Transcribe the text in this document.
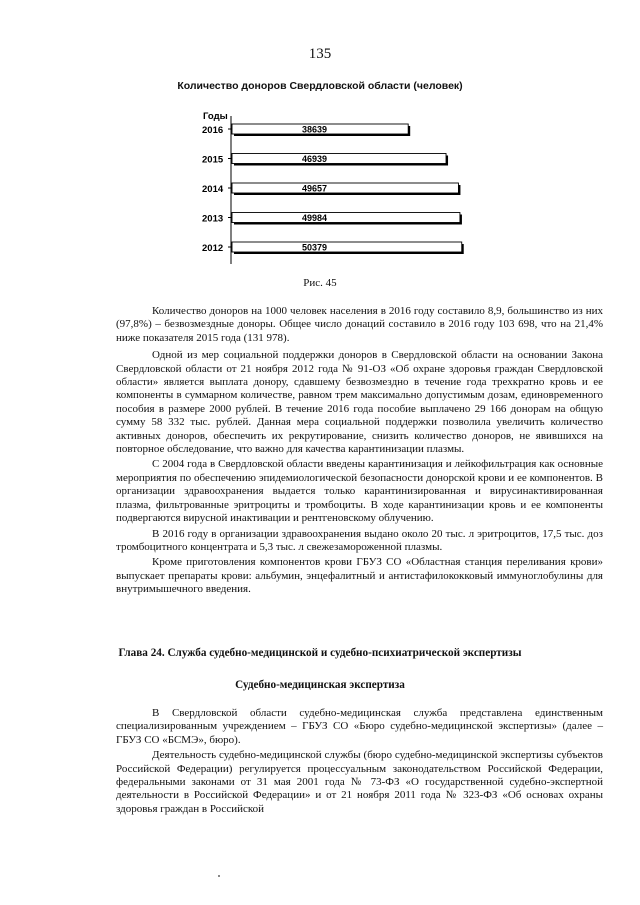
135
Количество доноров Свердловской области (человек)
Годы
2016	38639
2015	46939
2014	49657
2013	49984
2012	50379
Рис. 45

Количество доноров на 1000 человек населения в 2016 году составило 8,9, большинство из них (97,8%) – безвозмездные доноры. Общее число донаций составило в 2016 году 103 698, что на 21,4% ниже показателя 2015 года (131 978).

Одной из мер социальной поддержки доноров в Свердловской области на основании Закона Свердловской области от 21 ноября 2012 года № 91-ОЗ «Об охране здоровья граждан Свердловской области» является выплата донору, сдавшему безвозмездно в течение года трехкратно кровь и ее компоненты в суммарном количестве, равном трем максимально допустимым дозам, единовременного пособия в размере 2000 рублей. В течение 2016 года пособие выплачено 29 166 донорам на общую сумму 58 332 тыс. рублей. Данная мера социальной поддержки позволила увеличить количество активных доноров, обеспечить их рекрутирование, снизить количество доноров, не явившихся на повторное обследование, что важно для качества карантинизации плазмы.

С 2004 года в Свердловской области введены карантинизация и лейкофильтрация как основные мероприятия по обеспечению эпидемиологической безопасности донорской крови и ее компонентов. В организации здравоохранения выдается только карантинизированная и вирусинактивированная плазма, фильтрованные эритроциты и тромбоциты. В ходе карантинизации кровь и ее компоненты подвергаются вирусной инактивации и рентгеновскому облучению.

В 2016 году в организации здравоохранения выдано около 20 тыс. л эритроцитов, 17,5 тыс. доз тромбоцитного концентрата и 5,3 тыс. л свежезамороженной плазмы.

Кроме приготовления компонентов крови ГБУЗ СО «Областная станция переливания крови» выпускает препараты крови: альбумин, энцефалитный и антистафилококковый иммуноглобулины для внутримышечного введения.

Глава 24. Служба судебно-медицинской и судебно-психиатрической экспертизы
Судебно-медицинская экспертиза

В Свердловской области судебно-медицинская служба представлена единственным специализированным учреждением – ГБУЗ СО «Бюро судебно-медицинской экспертизы» (далее – ГБУЗ СО «БСМЭ», бюро).

Деятельность судебно-медицинской службы (бюро судебно-медицинской экспертизы субъектов Российской Федерации) регулируется процессуальным законодательством Российской Федерации, федеральными законами от 31 мая 2001 года № 73-ФЗ «О государственной судебно-экспертной деятельности в Российской Федерации» и от 21 ноября 2011 года № 323-ФЗ «Об основах охраны здоровья граждан в Российской
